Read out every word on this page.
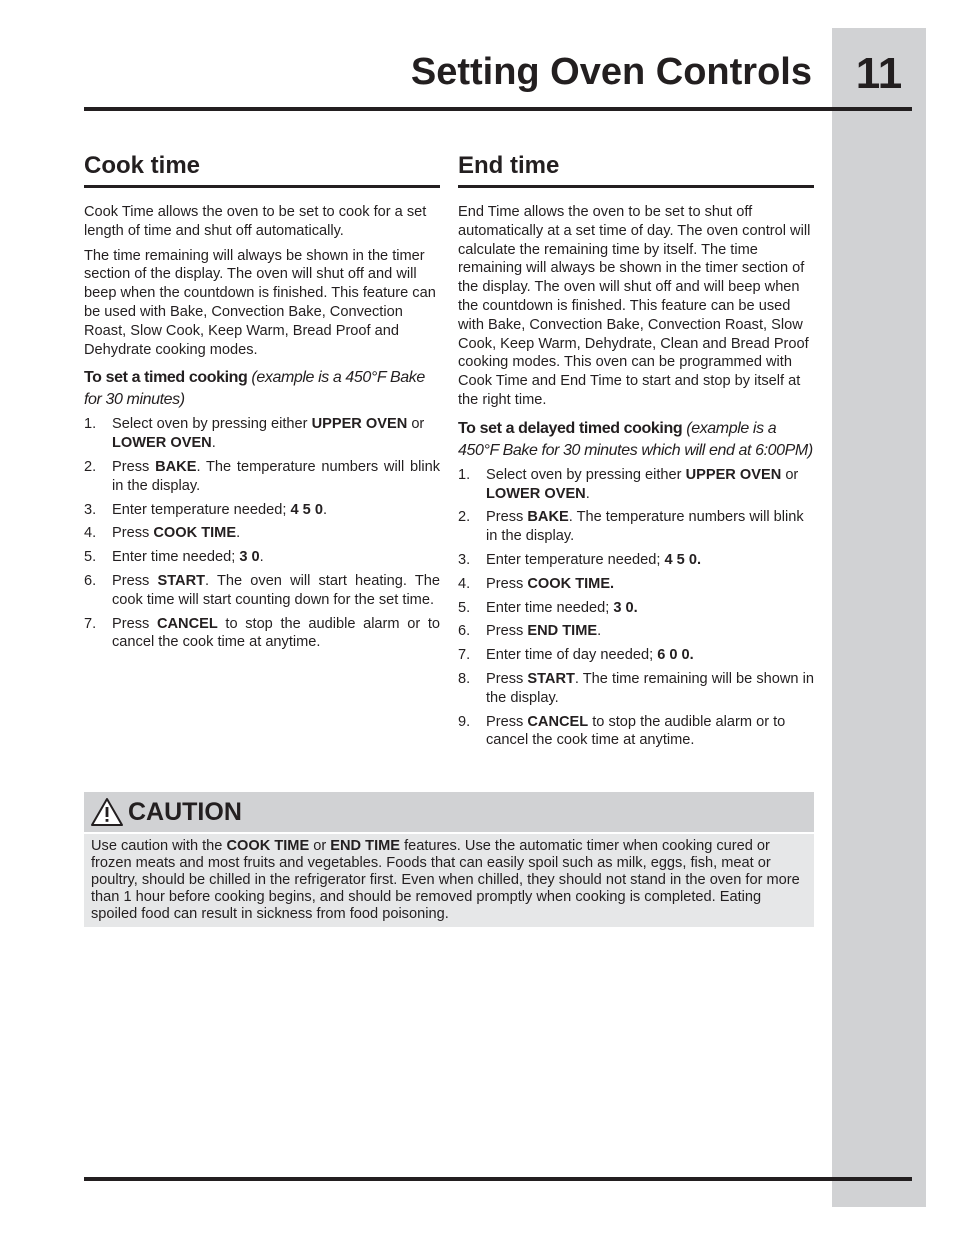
11
Setting Oven Controls
Cook time

Cook Time allows the oven to be set to cook for a set length of time and shut off automatically.

The time remaining will always be shown in the timer section of the display. The oven will shut off and will beep when the countdown is finished. This feature can be used with Bake, Convection Bake, Convection Roast, Slow Cook, Keep Warm, Bread Proof and Dehydrate cooking modes.

To set a timed cooking (example is a 450°F Bake for 30 minutes)
1. Select oven by pressing either UPPER OVEN or LOWER OVEN.
2. Press BAKE. The temperature numbers will blink in the display.
3. Enter temperature needed; 4 5 0.
4. Press COOK TIME.
5. Enter time needed; 3 0.
6. Press START. The oven will start heating. The cook time will start counting down for the set time.
7. Press CANCEL to stop the audible alarm or to cancel the cook time at anytime.
End time

End Time allows the oven to be set to shut off automatically at a set time of day. The oven control will calculate the remaining time by itself. The time remaining will always be shown in the timer section of the display. The oven will shut off and will beep when the countdown is finished. This feature can be used with Bake, Convection Bake, Convection Roast, Slow Cook, Keep Warm, Dehydrate, Clean and Bread Proof cooking modes. This oven can be programmed with Cook Time and End Time to start and stop by itself at the right time.

To set a delayed timed cooking (example is a 450°F Bake for 30 minutes which will end at 6:00PM)
1. Select oven by pressing either UPPER OVEN or LOWER OVEN.
2. Press BAKE. The temperature numbers will blink in the display.
3. Enter temperature needed; 4 5 0.
4. Press COOK TIME.
5. Enter time needed; 3 0.
6. Press END TIME.
7. Enter time of day needed; 6 0 0.
8. Press START. The time remaining will be shown in the display.
9. Press CANCEL to stop the audible alarm or to cancel the cook time at anytime.
CAUTION
Use caution with the COOK TIME or END TIME features. Use the automatic timer when cooking cured or frozen meats and most fruits and vegetables. Foods that can easily spoil such as milk, eggs, fish, meat or poultry, should be chilled in the refrigerator first. Even when chilled, they should not stand in the oven for more than 1 hour before cooking begins, and should be removed promptly when cooking is completed. Eating spoiled food can result in sickness from food poisoning.
